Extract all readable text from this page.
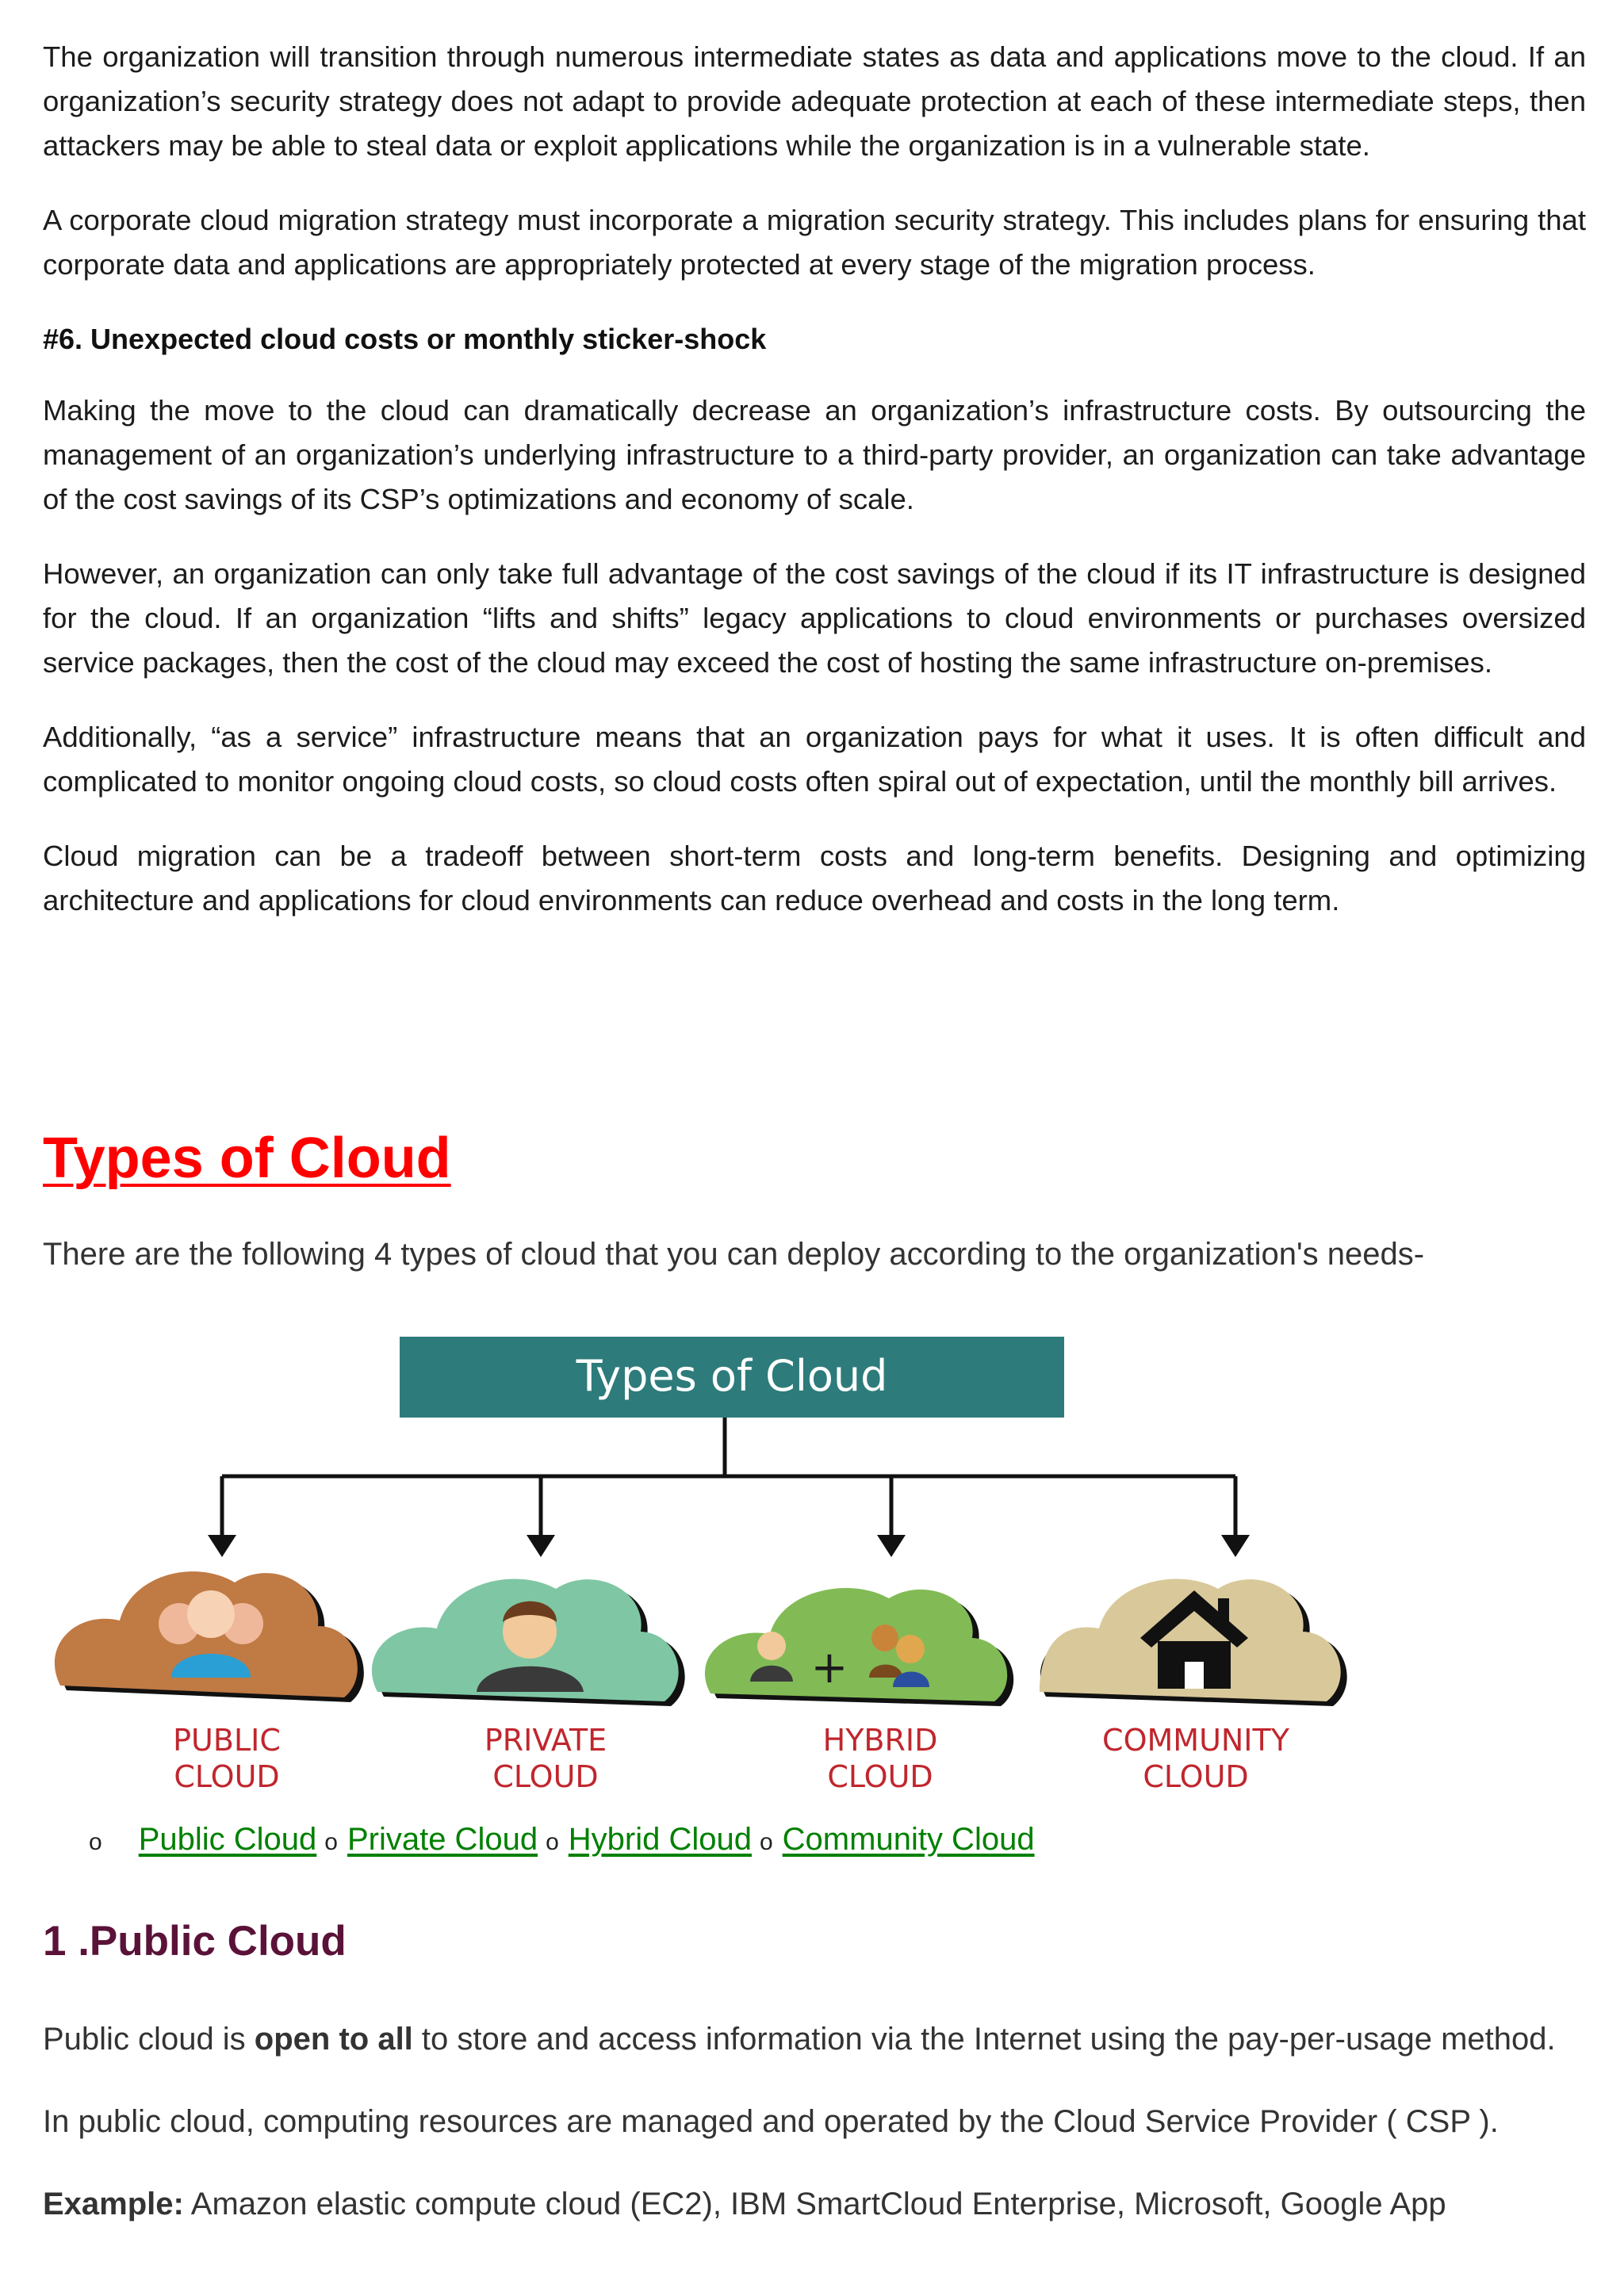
The organization will transition through numerous intermediate states as data and applications move to the cloud. If an organization’s security strategy does not adapt to provide adequate protection at each of these intermediate steps, then attackers may be able to steal data or exploit applications while the organization is in a vulnerable state.

A corporate cloud migration strategy must incorporate a migration security strategy. This includes plans for ensuring that corporate data and applications are appropriately protected at every stage of the migration process.

#6. Unexpected cloud costs or monthly sticker-shock

Making the move to the cloud can dramatically decrease an organization’s infrastructure costs. By outsourcing the management of an organization’s underlying infrastructure to a third-party provider, an organization can take advantage of the cost savings of its CSP’s optimizations and economy of scale.

However, an organization can only take full advantage of the cost savings of the cloud if its IT infrastructure is designed for the cloud. If an organization “lifts and shifts” legacy applications to cloud environments or purchases oversized service packages, then the cost of the cloud may exceed the cost of hosting the same infrastructure on-premises.

Additionally, “as a service” infrastructure means that an organization pays for what it uses. It is often difficult and complicated to monitor ongoing cloud costs, so cloud costs often spiral out of expectation, until the monthly bill arrives.

Cloud migration can be a tradeoff between short-term costs and long-term benefits. Designing and optimizing architecture and applications for cloud environments can reduce overhead and costs in the long term.

Types of Cloud

There are the following 4 types of cloud that you can deploy according to the organization's needs-

Types of Cloud
+
PUBLIC
CLOUD
PRIVATE
CLOUD
HYBRID
CLOUD
COMMUNITY
CLOUD
o Public Cloud o Private Cloud o Hybrid Cloud o Community Cloud
1 .Public Cloud

Public cloud is open to all to store and access information via the Internet using the pay-per-usage method.

In public cloud, computing resources are managed and operated by the Cloud Service Provider ( CSP ).

Example: Amazon elastic compute cloud (EC2), IBM SmartCloud Enterprise, Microsoft, Google App
